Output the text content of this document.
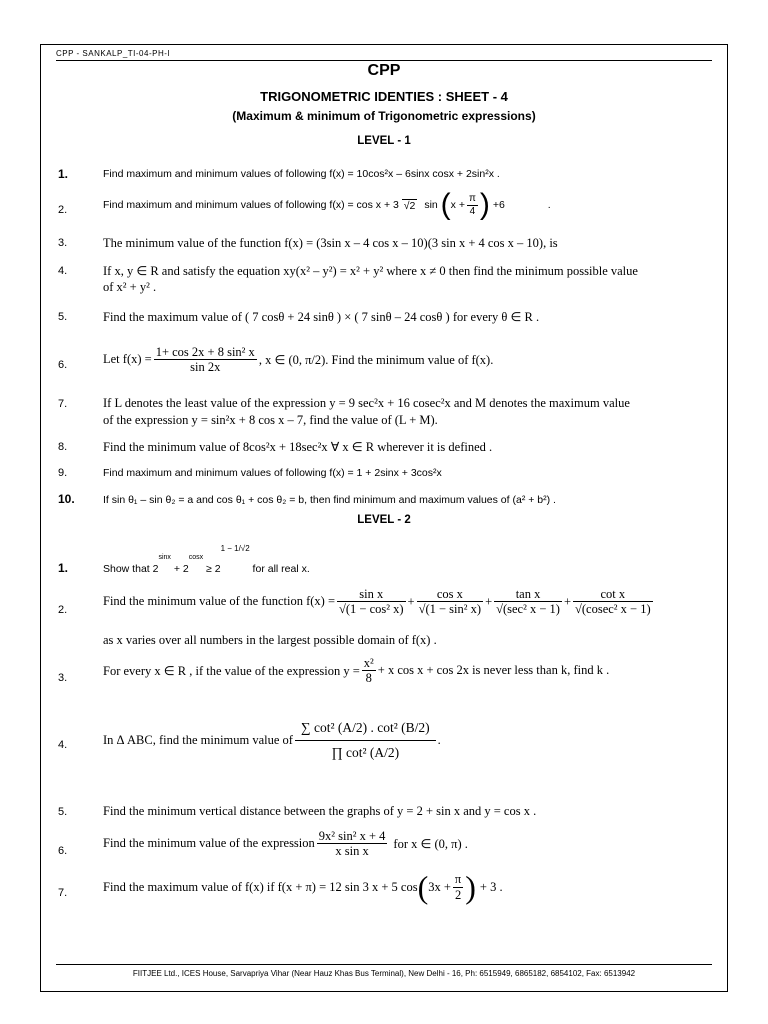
CPP - SANKALP_TI-04-PH-I
CPP
TRIGONOMETRIC IDENTIES : SHEET - 4
(Maximum & minimum of Trigonometric expressions)
LEVEL - 1
1.	Find maximum and minimum values of following f(x) = 10cos²x – 6sinx cosx + 2sin²x .
2.	Find maximum and minimum values of following f(x) = cos x + 3 √2 $\sin (x + \frac{\pi}{4}$ ) +6	.
3.	The minimum value of the function f(x) = (3sin x – 4 cos x – 10)(3 sin x + 4 cos x – 10), is
4.	If x, y ∈ R and satisfy the equation xy(x² – y²) = x² + y² where x ≠ 0 then find the minimum possible value
of x² + y² .
5.	Find the maximum value of ( 7 cosθ + 24 sinθ ) × ( 7 sinθ – 24 cosθ ) for every θ ∈ R .
6.	Let $f(x) = \frac{\text{1+ cos 2x + 8 sin² x}}{\sin 2x}$ , x ∈ (0, π/2). Find the minimum value of f(x).
7.	If L denotes the least value of the expression y = 9 sec²x + 16 cosec²x and M denotes the maximum value
of the expression y = sin²x + 8 cos x – 7, find the value of (L + M).
8.	Find the minimum value of 8cos²x + 18sec²x ∀ x ∈ R wherever it is defined .
9.	Find maximum and minimum values of following f(x) = 1 + 2sinx + 3cos²x
10.	If sin θ₁ – sin θ₂ = a and cos θ₁ + cos θ₂ = b, then find minimum and maximum values of (a² + b²) .
LEVEL - 2
1.	Show that $2^{sinx} + 2^{cosx} \ge 2^{1 - 1/√2}$ for all real x.
2.
Find the minimum value of the function $f(x) = \frac{\text{sin x}}{\text{√(1 − cos² x)}} + \frac{\text{cos x}}{\text{√(1 − sin² x)}} + \frac{\text{tan x}}{\text{√(sec² x − 1)}} + \frac{\text{cot x}}{\text{√(cosec² x − 1)}}$
as x varies over all numbers in the largest possible domain of f(x) .
3.
For every x ∈ R , if the value of the expression $y = \frac{\text{x²}}{8} + x$ cos x + cos 2x is never less than k, find k .
4.	In Δ ABC, find the minimum value of $\frac{\text{∑ cot² (A/2) . cot² (B/2)}}{\text{∏ cot² (A/2)}}$ .
5.	Find the minimum vertical distance between the graphs of y = 2 + sin x and y = cos x .
6.
Find the minimum value of the expression $\frac{\text{9x² sin² x + 4}}{\text{x sin x}}$ for x ∈ (0, π) .
7.	Find the maximum value of f(x) if f(x + π) = 12 sin 3 x + 5 $\cos(3x + \frac{\pi}{2}$ ) + 3 .
FIITJEE Ltd., ICES House, Sarvapriya Vihar (Near Hauz Khas Bus Terminal), New Delhi - 16, Ph: 6515949, 6865182, 6854102, Fax: 6513942
